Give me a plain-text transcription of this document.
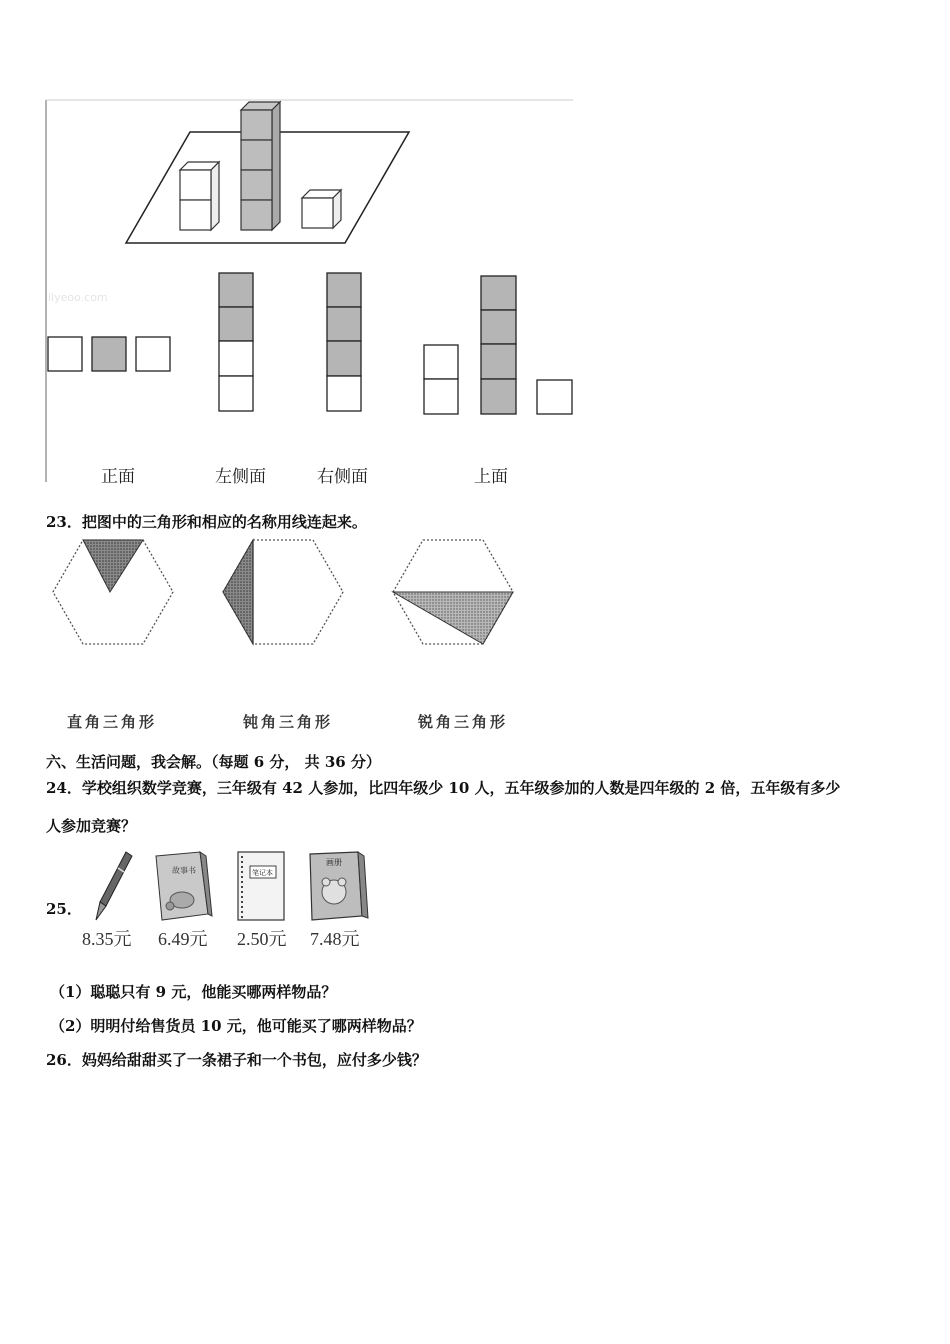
ilyeoo.com
正面	左侧面	右侧面	上面
23．把图中的三角形和相应的名称用线连起来。
直角三角形	钝角三角形	锐角三角形
六、生活问题，我会解。（每题 6 分， 共 36 分）
24．学校组织数学竞赛，三年级有 42 人参加，比四年级少 10 人，五年级参加的人数是四年级的 2 倍，五年级有多少
人参加竞赛？
25．
故事书	笔记本
画册
8.35元 6.49元 2.50元 7.48元
（1）聪聪只有 9 元，他能买哪两样物品？
（2）明明付给售货员 10 元，他可能买了哪两样物品？
26．妈妈给甜甜买了一条裙子和一个书包，应付多少钱？
